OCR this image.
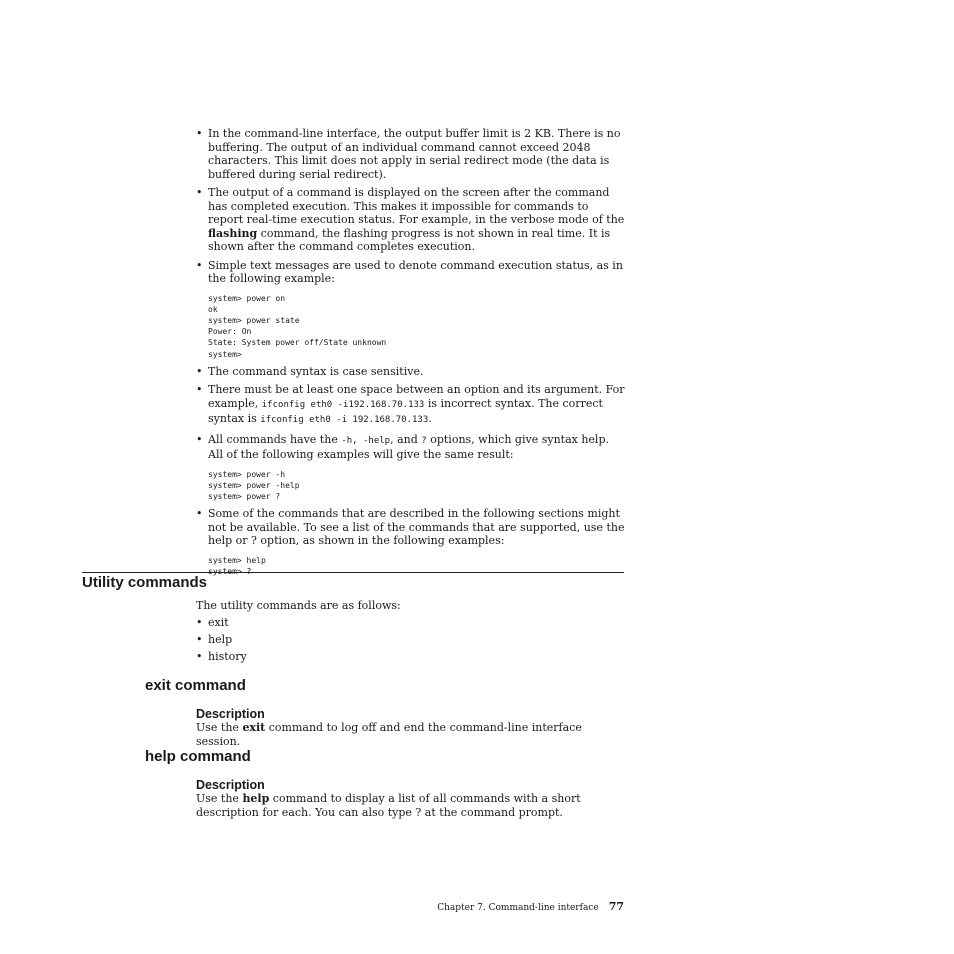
• In the command-line interface, the output buffer limit is 2 KB. There is no buffering. The output of an individual command cannot exceed 2048 characters. This limit does not apply in serial redirect mode (the data is buffered during serial redirect).

• The output of a command is displayed on the screen after the command has completed execution. This makes it impossible for commands to report real-time execution status. For example, in the verbose mode of the flashing command, the flashing progress is not shown in real time. It is shown after the command completes execution.

• Simple text messages are used to denote command execution status, as in the following example:

system> power on
ok
system> power state
Power: On
State: System power off/State unknown
system>
• The command syntax is case sensitive.

• There must be at least one space between an option and its argument. For example, ifconfig eth0 -i192.168.70.133 is incorrect syntax. The correct syntax is ifconfig eth0 -i 192.168.70.133.

• All commands have the -h, -help, and ? options, which give syntax help. All of the following examples will give the same result:

system> power -h
system> power -help
system> power ?
• Some of the commands that are described in the following sections might not be available. To see a list of the commands that are supported, use the help or ? option, as shown in the following examples:

system> help
system> ?
Utility commands

The utility commands are as follows:

• exit
• help
• history
exit command
Description

Use the exit command to log off and end the command-line interface session.

help command
Description

Use the help command to display a list of all commands with a short description for each. You can also type ? at the command prompt.

Chapter 7. Command-line interface 77
